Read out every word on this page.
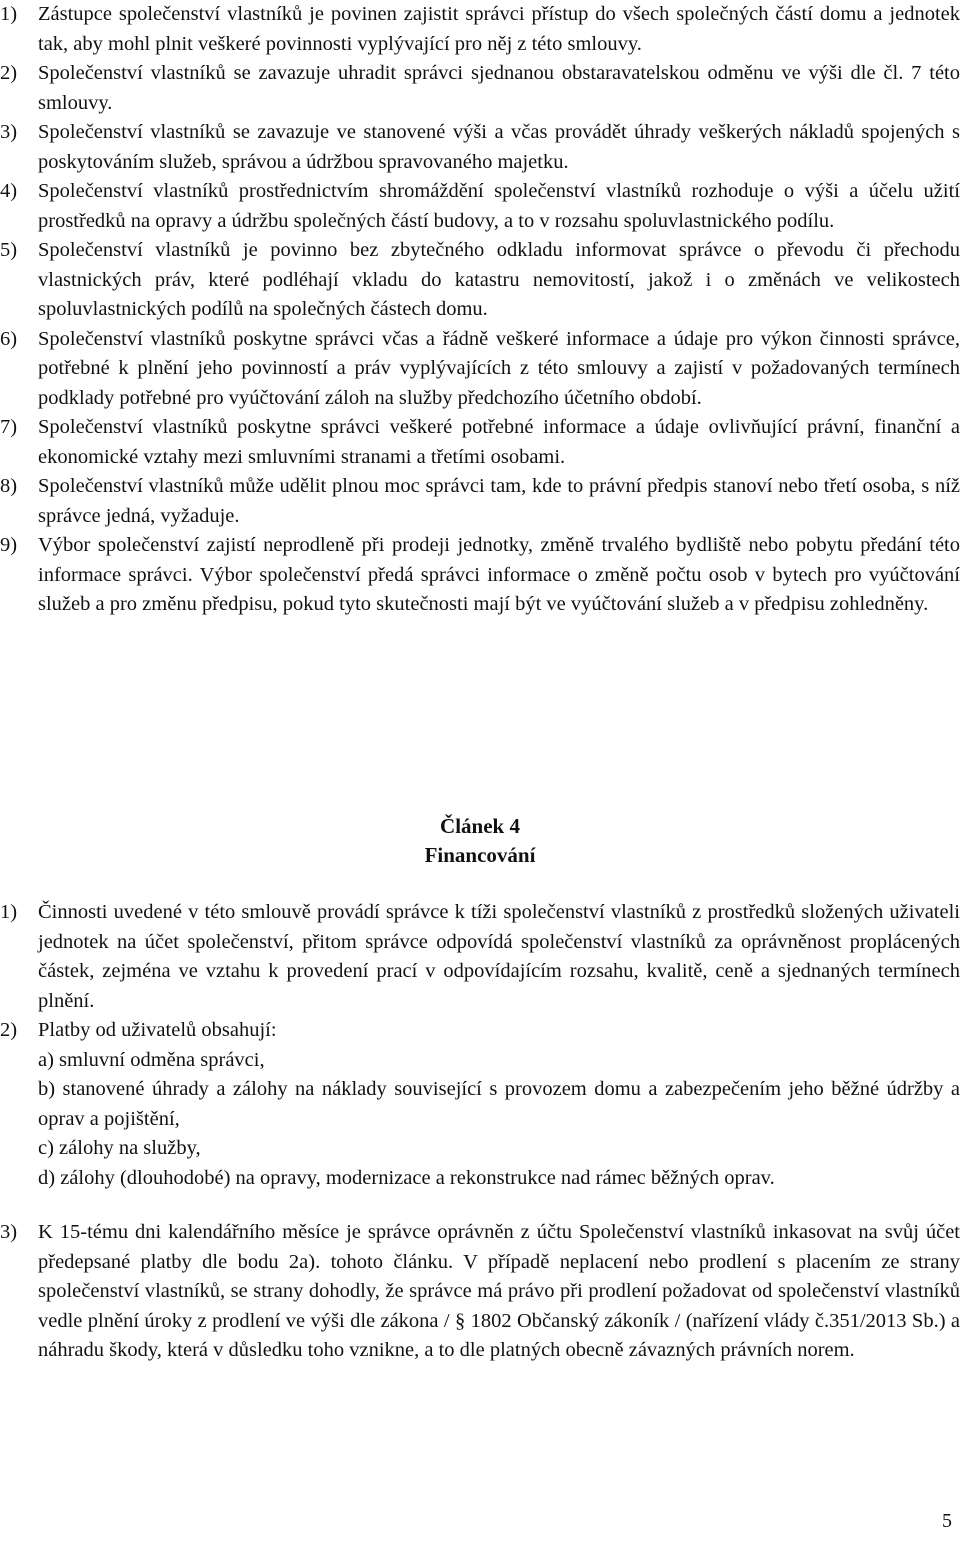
1)	Zástupce společenství vlastníků je povinen zajistit správci přístup do všech společných částí domu a jednotek tak, aby mohl plnit veškeré povinnosti vyplývající pro něj z této smlouvy.
2)	Společenství vlastníků se zavazuje uhradit správci sjednanou obstaravatelskou odměnu ve výši dle čl. 7 této smlouvy.
3)	Společenství vlastníků se zavazuje ve stanovené výši a včas provádět úhrady veškerých nákladů spojených s poskytováním služeb, správou a údržbou spravovaného majetku.
4)	Společenství vlastníků prostřednictvím shromáždění společenství vlastníků rozhoduje o výši a účelu užití prostředků na opravy a údržbu společných částí budovy, a to v rozsahu spoluvlastnického podílu.
5)	Společenství vlastníků je povinno bez zbytečného odkladu informovat správce o převodu či přechodu vlastnických práv, které podléhají vkladu do katastru nemovitostí, jakož i o změnách ve velikostech spoluvlastnických podílů na společných částech domu.
6)	Společenství vlastníků poskytne správci včas a řádně veškeré informace a údaje pro výkon činnosti správce, potřebné k plnění jeho povinností a práv vyplývajících z této smlouvy a zajistí v požadovaných termínech podklady potřebné pro vyúčtování záloh na služby předchozího účetního období.
7)	Společenství vlastníků poskytne správci veškeré potřebné informace a údaje ovlivňující právní, finanční a ekonomické vztahy mezi smluvními stranami a třetími osobami.
8)	Společenství vlastníků může udělit plnou moc správci tam, kde to právní předpis stanoví nebo třetí osoba, s níž správce jedná, vyžaduje.
9)	Výbor společenství zajistí neprodleně při prodeji jednotky, změně trvalého bydliště nebo pobytu předání této informace správci. Výbor společenství předá správci informace o změně počtu osob v bytech pro vyúčtování služeb a pro změnu předpisu, pokud tyto skutečnosti mají být ve vyúčtování služeb a v předpisu zohledněny.
Článek 4
Financování
1)	Činnosti uvedené v této smlouvě provádí správce k tíži společenství vlastníků z prostředků složených uživateli jednotek na účet společenství, přitom správce odpovídá společenství vlastníků za oprávněnost proplácených částek, zejména ve vztahu k provedení prací v odpovídajícím rozsahu, kvalitě, ceně a sjednaných termínech plnění.
2)	Platby od uživatelů obsahují:
a) smluvní odměna správci,
b) stanovené úhrady a zálohy na náklady související s provozem domu a zabezpečením jeho běžné údržby a oprav a pojištění,
c) zálohy na služby,
d) zálohy (dlouhodobé) na opravy, modernizace a rekonstrukce nad rámec běžných oprav.
3)	K 15-tému dni kalendářního měsíce je správce oprávněn z účtu Společenství vlastníků inkasovat na svůj účet předepsané platby dle bodu 2a). tohoto článku. V případě neplacení nebo prodlení s placením ze strany společenství vlastníků, se strany dohodly, že správce má právo při prodlení požadovat od společenství vlastníků vedle plnění úroky z prodlení ve výši dle zákona / § 1802 Občanský zákoník / (nařízení vlády č.351/2013 Sb.) a náhradu škody, která v důsledku toho vznikne, a to dle platných obecně závazných právních norem.
5
